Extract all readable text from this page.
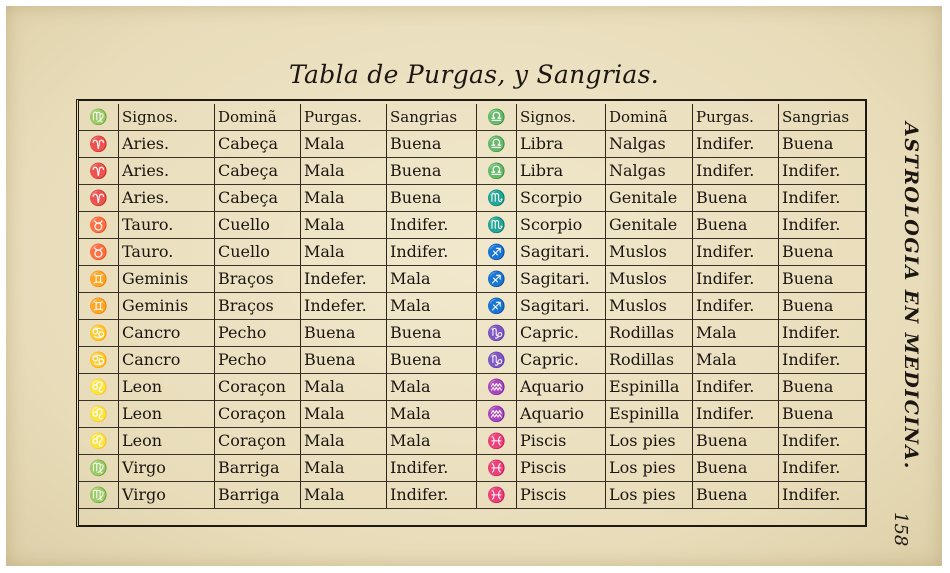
Tabla de Purgas, y Sangrias.
♍ Signos.	Dominã	Purgas.	Sangrias	♎ Signos.	Dominã	Purgas.	Sangrias
♈ Aries.	Cabeça	Mala	Buena	♎ Libra	Nalgas	Indifer.	Buena
♈ Aries.	Cabeça	Mala	Buena	♎ Libra	Nalgas	Indifer.	Indifer.
♈ Aries.	Cabeça	Mala	Buena	♏ Scorpio	Genitale	Buena	Indifer.
♉ Tauro.	Cuello	Mala	Indifer.	♏ Scorpio	Genitale	Buena	Indifer.
♉ Tauro.	Cuello	Mala	Indifer.	♐ Sagitari.	Muslos	Indifer.	Buena
♊ Geminis	Braços	Indefer.	Mala	♐ Sagitari.	Muslos	Indifer.	Buena
♊ Geminis	Braços	Indefer.	Mala	♐ Sagitari.	Muslos	Indifer.	Buena
♋ Cancro	Pecho	Buena	Buena	♑ Capric.	Rodillas	Mala	Indifer.
♋ Cancro	Pecho	Buena	Buena	♑ Capric.	Rodillas	Mala	Indifer.
♌ Leon	Coraçon	Mala	Mala	♒ Aquario	Espinilla	Indifer.	Buena
♌ Leon	Coraçon	Mala	Mala	♒ Aquario	Espinilla	Indifer.	Buena
♌ Leon	Coraçon	Mala	Mala	♓ Piscis	Los pies	Buena	Indifer.
♍ Virgo	Barriga	Mala	Indifer.	♓ Piscis	Los pies	Buena	Indifer.
♍ Virgo	Barriga	Mala	Indifer.	♓ Piscis	Los pies	Buena	Indifer.
ASTROLOGIA EN MEDICINA.
158
